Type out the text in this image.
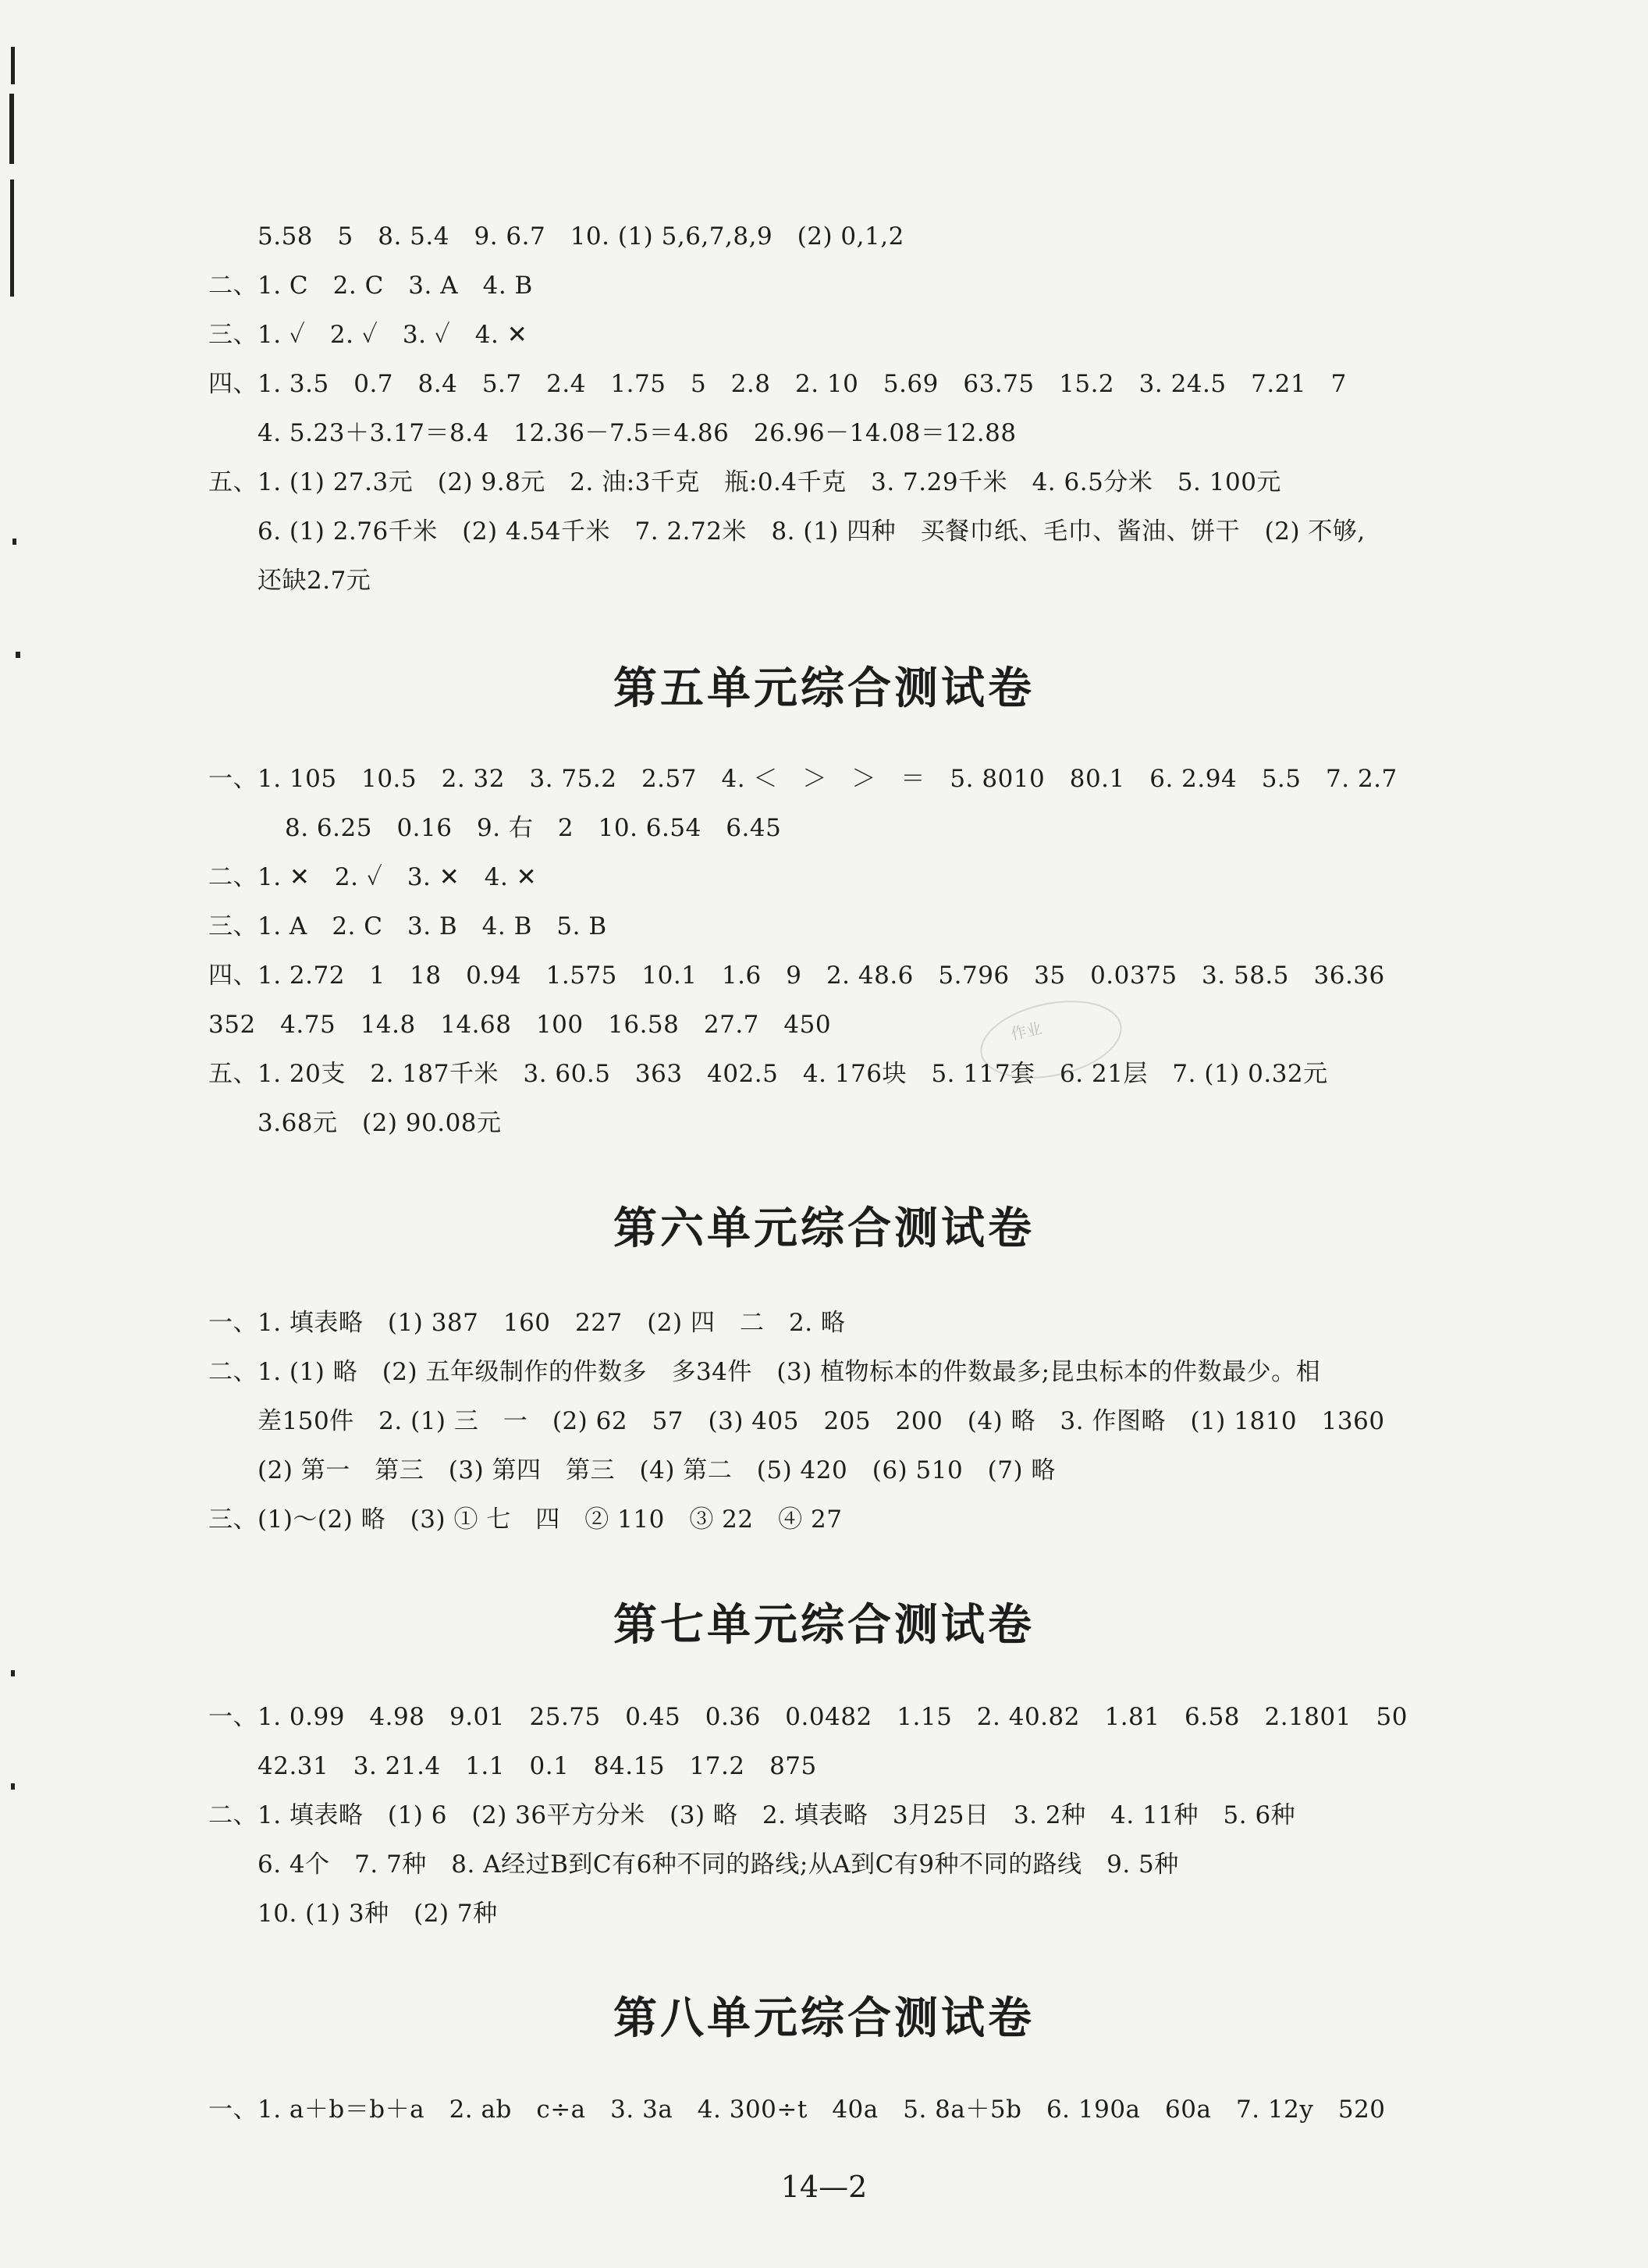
5.58　5　8. 5.4　9. 6.7　10. (1) 5,6,7,8,9　(2) 0,1,2
二、1. C　2. C　3. A　4. B
三、1. ✓　2. ✓　3. ✓　4. ✕
四、1. 3.5　0.7　8.4　5.7　2.4　1.75　5　2.8　2. 10　5.69　63.75　15.2　3. 24.5　7.21　7
4. 5.23＋3.17＝8.4　12.36－7.5＝4.86　26.96－14.08＝12.88
五、1. (1) 27.3元　(2) 9.8元　2. 油:3千克　瓶:0.4千克　3. 7.29千米　4. 6.5分米　5. 100元
6. (1) 2.76千米　(2) 4.54千米　7. 2.72米　8. (1) 四种　买餐巾纸、毛巾、酱油、饼干　(2) 不够,
还缺2.7元
第五单元综合测试卷
一、1. 105　10.5　2. 32　3. 75.2　2.57　4. ＜　＞　＞　＝　5. 8010　80.1　6. 2.94　5.5　7. 2.7
8. 6.25　0.16　9. 右　2　10. 6.54　6.45
二、1. ✕　2. ✓　3. ✕　4. ✕
三、1. A　2. C　3. B　4. B　5. B
四、1. 2.72　1　18　0.94　1.575　10.1　1.6　9　2. 48.6　5.796　35　0.0375　3. 58.5　36.36
352　4.75　14.8　14.68　100　16.58　27.7　450
五、1. 20支　2. 187千米　3. 60.5　363　402.5　4. 176块　5. 117套　6. 21层　7. (1) 0.32元
3.68元　(2) 90.08元
作业
第六单元综合测试卷
一、1. 填表略　(1) 387　160　227　(2) 四　二　2. 略
二、1. (1) 略　(2) 五年级制作的件数多　多34件　(3) 植物标本的件数最多;昆虫标本的件数最少。相
差150件　2. (1) 三　一　(2) 62　57　(3) 405　205　200　(4) 略　3. 作图略　(1) 1810　1360
(2) 第一　第三　(3) 第四　第三　(4) 第二　(5) 420　(6) 510　(7) 略
三、(1)～(2) 略　(3) ① 七　四　② 110　③ 22　④ 27
第七单元综合测试卷
一、1. 0.99　4.98　9.01　25.75　0.45　0.36　0.0482　1.15　2. 40.82　1.81　6.58　2.1801　50
42.31　3. 21.4　1.1　0.1　84.15　17.2　875
二、1. 填表略　(1) 6　(2) 36平方分米　(3) 略　2. 填表略　3月25日　3. 2种　4. 11种　5. 6种
6. 4个　7. 7种　8. A经过B到C有6种不同的路线;从A到C有9种不同的路线　9. 5种
10. (1) 3种　(2) 7种
第八单元综合测试卷
一、1. a＋b＝b＋a　2. ab　c÷a　3. 3a　4. 300÷t　40a　5. 8a＋5b　6. 190a　60a　7. 12y　520
14—2
